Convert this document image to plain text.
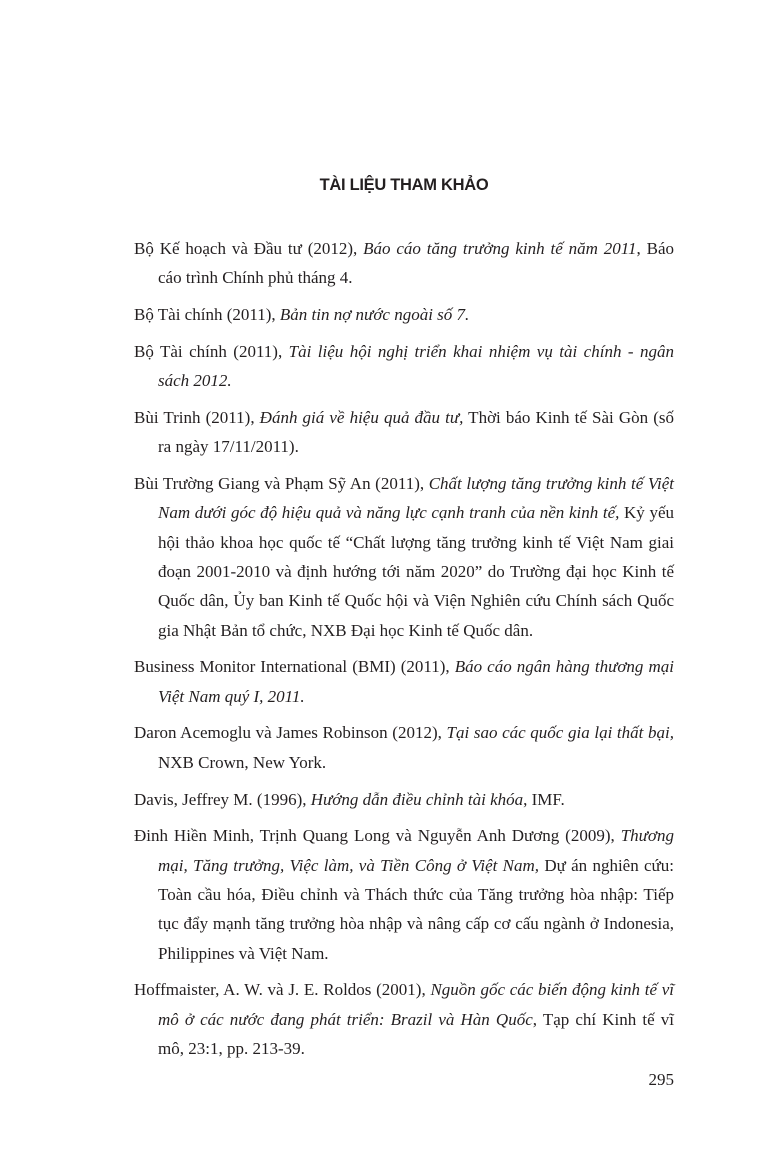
TÀI LIỆU THAM KHẢO
Bộ Kế hoạch và Đầu tư (2012), Báo cáo tăng trưởng kinh tế năm 2011, Báo cáo trình Chính phủ tháng 4.
Bộ Tài chính (2011), Bản tin nợ nước ngoài số 7.
Bộ Tài chính (2011), Tài liệu hội nghị triển khai nhiệm vụ tài chính - ngân sách 2012.
Bùi Trinh (2011), Đánh giá về hiệu quả đầu tư, Thời báo Kinh tế Sài Gòn (số ra ngày 17/11/2011).
Bùi Trường Giang và Phạm Sỹ An (2011), Chất lượng tăng trưởng kinh tế Việt Nam dưới góc độ hiệu quả và năng lực cạnh tranh của nền kinh tế, Kỷ yếu hội thảo khoa học quốc tế “Chất lượng tăng trưởng kinh tế Việt Nam giai đoạn 2001-2010 và định hướng tới năm 2020” do Trường đại học Kinh tế Quốc dân, Ủy ban Kinh tế Quốc hội và Viện Nghiên cứu Chính sách Quốc gia Nhật Bản tổ chức, NXB Đại học Kinh tế Quốc dân.
Business Monitor International (BMI) (2011), Báo cáo ngân hàng thương mại Việt Nam quý I, 2011.
Daron Acemoglu và James Robinson (2012), Tại sao các quốc gia lại thất bại, NXB Crown, New York.
Davis, Jeffrey M. (1996), Hướng dẫn điều chỉnh tài khóa, IMF.
Đinh Hiền Minh, Trịnh Quang Long và Nguyễn Anh Dương (2009), Thương mại, Tăng trưởng, Việc làm, và Tiền Công ở Việt Nam, Dự án nghiên cứu: Toàn cầu hóa, Điều chỉnh và Thách thức của Tăng trưởng hòa nhập: Tiếp tục đẩy mạnh tăng trưởng hòa nhập và nâng cấp cơ cấu ngành ở Indonesia, Philippines và Việt Nam.
Hoffmaister, A. W. và J. E. Roldos (2001), Nguồn gốc các biến động kinh tế vĩ mô ở các nước đang phát triển: Brazil và Hàn Quốc, Tạp chí Kinh tế vĩ mô, 23:1, pp. 213-39.
295
